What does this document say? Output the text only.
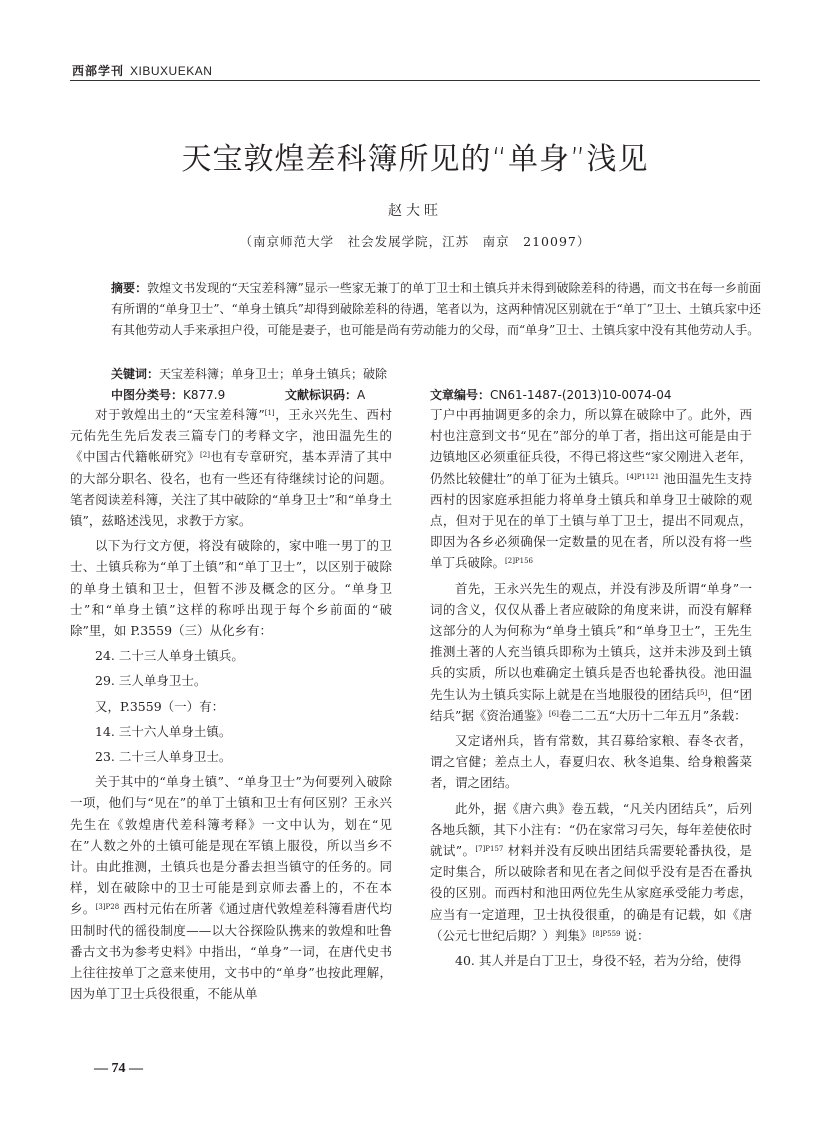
西部学刊 XIBUXUEKAN
天宝敦煌差科簿所见的“单身”浅见
赵大旺
（南京师范大学　社会发展学院，江苏　南京　210097）
摘要：敦煌文书发现的“天宝差科簿”显示一些家无兼丁的单丁卫士和土镇兵并未得到破除差科的待遇，而文书在每一乡前面有所谓的“单身卫士”、“单身土镇兵”却得到破除差科的待遇，笔者以为，这两种情况区别就在于“单丁”卫士、土镇兵家中还有其他劳动人手来承担户役，可能是妻子，也可能是尚有劳动能力的父母，而“单身”卫士、土镇兵家中没有其他劳动人手。
关键词：天宝差科簿；单身卫士；单身土镇兵；破除
中图分类号：K877.9	文献标识码：A	文章编号：CN61-1487-(2013)10-0074-04

对于敦煌出土的“天宝差科簿”[1]，王永兴先生、西村元佑先生先后发表三篇专门的考释文字，池田温先生的《中国古代籍帐研究》[2]也有专章研究，基本弄清了其中的大部分职名、役名，也有一些还有待继续讨论的问题。笔者阅读差科簿，关注了其中破除的“单身卫士”和“单身土镇”，兹略述浅见，求教于方家。

以下为行文方便，将没有破除的，家中唯一男丁的卫士、土镇兵称为“单丁土镇”和“单丁卫士”，以区别于破除的单身土镇和卫士，但暂不涉及概念的区分。“单身卫士”和“单身土镇”这样的称呼出现于每个乡前面的“破除”里，如 P.3559（三）从化乡有：

24. 二十三人单身土镇兵。

29. 三人单身卫士。

又，P.3559（一）有：

14. 三十六人单身土镇。

23. 二十三人单身卫士。

关于其中的“单身土镇”、“单身卫士”为何要列入破除一项，他们与“见在”的单丁土镇和卫士有何区别？王永兴先生在《敦煌唐代差科簿考释》一文中认为，划在“见在”人数之外的土镇可能是现在军镇上服役，所以当乡不计。由此推测，土镇兵也是分番去担当镇守的任务的。同样，划在破除中的卫士可能是到京师去番上的，不在本乡。$^{[3]P28}$ 西村元佑在所著《通过唐代敦煌差科簿看唐代均田制时代的徭役制度——以大谷探险队携来的敦煌和吐鲁番古文书为参考史料》中指出，“单身”一词，在唐代史书上往往按单丁之意来使用，文书中的“单身”也按此理解，因为单丁卫士兵役很重，不能从单

丁户中再抽调更多的余力，所以算在破除中了。此外，西村也注意到文书“见在”部分的单丁者，指出这可能是由于边镇地区必须重征兵役，不得已将这些“家父刚进入老年，仍然比较健壮”的单丁征为土镇兵。$^{[4]P1121}$ 池田温先生支持西村的因家庭承担能力将单身土镇兵和单身卫士破除的观点，但对于见在的单丁土镇与单丁卫士，提出不同观点，即因为各乡必须确保一定数量的见在者，所以没有将一些单丁兵破除。$^{[2]P156}$

首先，王永兴先生的观点，并没有涉及所谓“单身”一词的含义，仅仅从番上者应破除的角度来讲，而没有解释这部分的人为何称为“单身土镇兵”和“单身卫士”，王先生推测土著的人充当镇兵即称为土镇兵，这并未涉及到土镇兵的实质，所以也难确定土镇兵是否也轮番执役。池田温先生认为土镇兵实际上就是在当地服役的团结兵[5]，但“团结兵”据《资治通鉴》[6]卷二二五“大历十二年五月”条载：

又定诸州兵，皆有常数，其召募给家粮、春冬衣者，谓之官健；差点土人，春夏归农、秋冬追集、给身粮酱菜者，谓之团结。

此外，据《唐六典》卷五载，“凡关内团结兵”，后列各地兵额，其下小注有：“仍在家常习弓矢，每年差使依时就试”。$^{[7]P157}$ 材料并没有反映出团结兵需要轮番执役，是定时集合，所以破除者和见在者之间似乎没有是否在番执役的区别。而西村和池田两位先生从家庭承受能力考虑，应当有一定道理，卫士执役很重，的确是有记载，如《唐（公元七世纪后期？）判集》$^{[8]P559}$ 说：

40. 其人并是白丁卫士，身役不轻，若为分给，使得

— 74 —
